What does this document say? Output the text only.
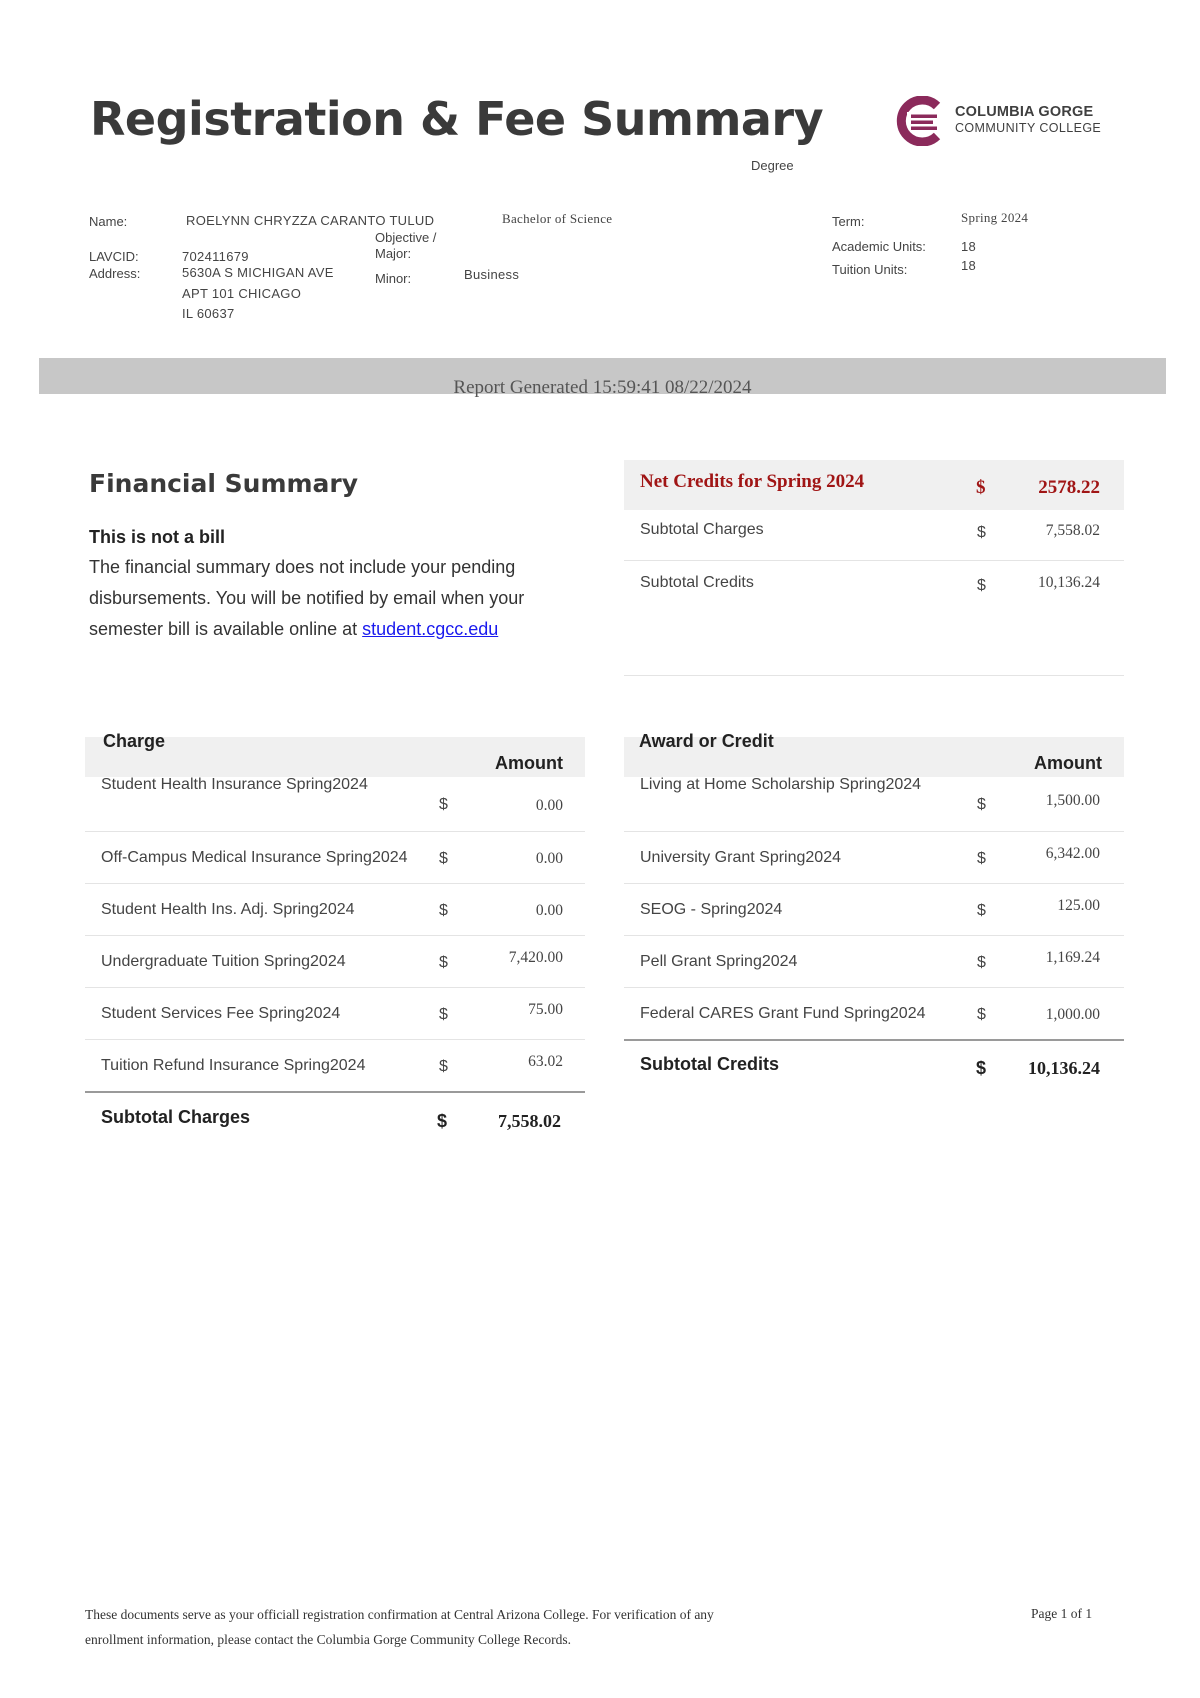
Registration & Fee Summary	COLUMBIA GORGE
COMMUNITY COLLEGE
Degree
Name:	ROELYNN CHRYZZA CARANTO TULUD	Bachelor of Science
Objective /
Major:
LAVCID:	702411679
Address:	5630A S MICHIGAN AVE
APT 101 CHICAGO
IL 60637
Minor:	Business
Term:	Spring 2024
Academic Units:	18
Tuition Units:	18
Report Generated 15:59:41 08/22/2024
Financial Summary
This is not a bill
The financial summary does not include your pending disbursements. You will be notified by email when your semester bill is available online at student.cgcc.edu
Net Credits for Spring 2024	$	2578.22
Subtotal Charges	$	7,558.02
Subtotal Credits	$	10,136.24
Charge
Amount
Student Health Insurance Spring2024
$	0.00
Off-Campus Medical Insurance Spring2024 $	0.00
Student Health Ins. Adj. Spring2024	$	0.00
Undergraduate Tuition Spring2024	$	7,420.00
Student Services Fee Spring2024	$	75.00
Tuition Refund Insurance Spring2024	$	63.02
Subtotal Charges	$	7,558.02
Award or Credit
Amount
Living at Home Scholarship Spring2024
$	1,500.00
University Grant Spring2024	$	6,342.00
SEOG - Spring2024	$	125.00
Pell Grant Spring2024	$	1,169.24
Federal CARES Grant Fund Spring2024	$	1,000.00
Subtotal Credits	$	10,136.24
These documents serve as your officiall registration confirmation at Central Arizona College. For verification of any
enrollment information, please contact the Columbia Gorge Community College Records.
Page 1 of 1
